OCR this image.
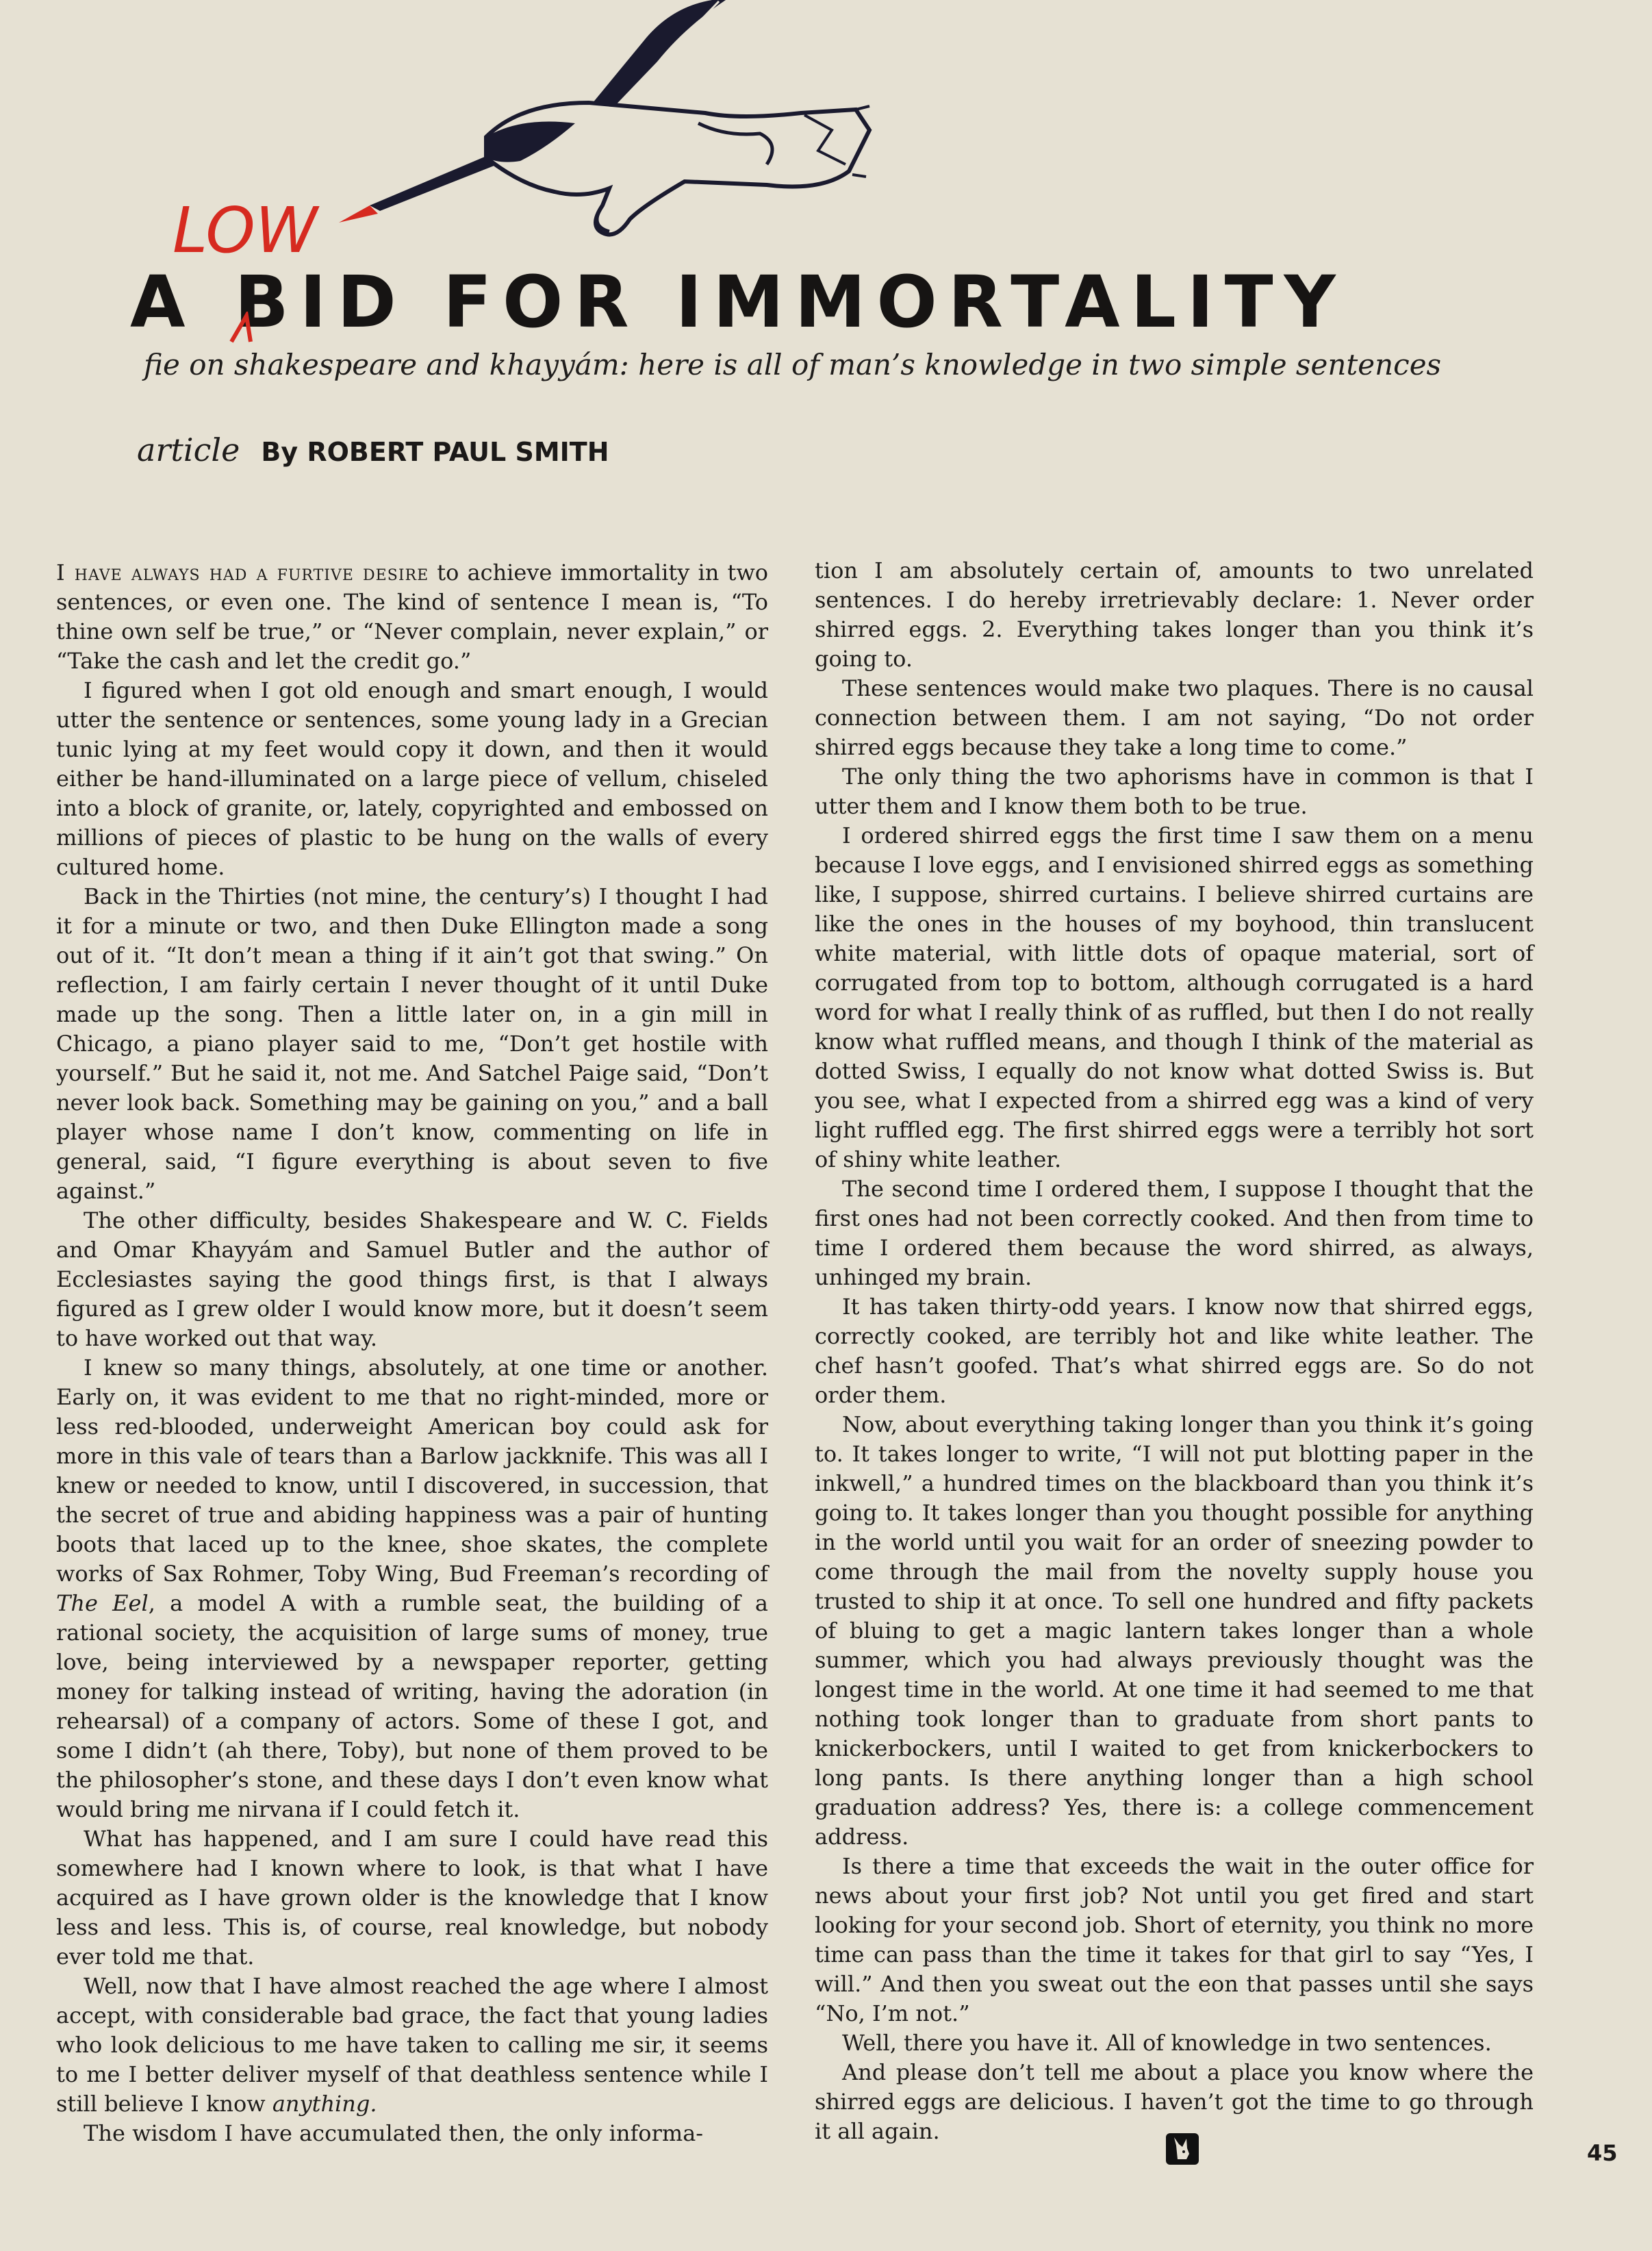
LOW
A BID FOR IMMORTALITY
fie on shakespeare and khayyám: here is all of man’s knowledge in two simple sentences
article By ROBERT PAUL SMITH

I have always had a furtive desire to achieve immortality in two sentences, or even one. The kind of sentence I mean is, “To thine own self be true,” or “Never complain, never explain,” or “Take the cash and let the credit go.”

I figured when I got old enough and smart enough, I would utter the sentence or sentences, some young lady in a Grecian tunic lying at my feet would copy it down, and then it would either be hand-illuminated on a large piece of vellum, chiseled into a block of granite, or, lately, copyrighted and embossed on millions of pieces of plastic to be hung on the walls of every cultured home.

Back in the Thirties (not mine, the century’s) I thought I had it for a minute or two, and then Duke Ellington made a song out of it. “It don’t mean a thing if it ain’t got that swing.” On reflection, I am fairly certain I never thought of it until Duke made up the song. Then a little later on, in a gin mill in Chicago, a piano player said to me, “Don’t get hostile with yourself.” But he said it, not me. And Satchel Paige said, “Don’t never look back. Something may be gaining on you,” and a ball player whose name I don’t know, commenting on life in general, said, “I figure everything is about seven to five against.”

The other difficulty, besides Shakespeare and W. C. Fields and Omar Khayyám and Samuel Butler and the author of Ecclesiastes saying the good things first, is that I always figured as I grew older I would know more, but it doesn’t seem to have worked out that way.

I knew so many things, absolutely, at one time or another. Early on, it was evident to me that no right-minded, more or less red-blooded, underweight American boy could ask for more in this vale of tears than a Barlow jackknife. This was all I knew or needed to know, until I discovered, in succession, that the secret of true and abiding happiness was a pair of hunting boots that laced up to the knee, shoe skates, the complete works of Sax Rohmer, Toby Wing, Bud Freeman’s recording of The Eel, a model A with a rumble seat, the building of a rational society, the acquisition of large sums of money, true love, being interviewed by a newspaper reporter, getting money for talking instead of writing, having the adoration (in rehearsal) of a company of actors. Some of these I got, and some I didn’t (ah there, Toby), but none of them proved to be the philosopher’s stone, and these days I don’t even know what would bring me nirvana if I could fetch it.

What has happened, and I am sure I could have read this somewhere had I known where to look, is that what I have acquired as I have grown older is the knowledge that I know less and less. This is, of course, real knowledge, but nobody ever told me that.

Well, now that I have almost reached the age where I almost accept, with considerable bad grace, the fact that young ladies who look delicious to me have taken to calling me sir, it seems to me I better deliver myself of that deathless sentence while I still believe I know anything.

The wisdom I have accumulated then, the only informa-

tion I am absolutely certain of, amounts to two unrelated sentences. I do hereby irretrievably declare: 1. Never order shirred eggs. 2. Everything takes longer than you think it’s going to.

These sentences would make two plaques. There is no causal connection between them. I am not saying, “Do not order shirred eggs because they take a long time to come.”

The only thing the two aphorisms have in common is that I utter them and I know them both to be true.

I ordered shirred eggs the first time I saw them on a menu because I love eggs, and I envisioned shirred eggs as something like, I suppose, shirred curtains. I believe shirred curtains are like the ones in the houses of my boyhood, thin translucent white material, with little dots of opaque material, sort of corrugated from top to bottom, although corrugated is a hard word for what I really think of as ruffled, but then I do not really know what ruffled means, and though I think of the material as dotted Swiss, I equally do not know what dotted Swiss is. But you see, what I expected from a shirred egg was a kind of very light ruffled egg. The first shirred eggs were a terribly hot sort of shiny white leather.

The second time I ordered them, I suppose I thought that the first ones had not been correctly cooked. And then from time to time I ordered them because the word shirred, as always, unhinged my brain.

It has taken thirty-odd years. I know now that shirred eggs, correctly cooked, are terribly hot and like white leather. The chef hasn’t goofed. That’s what shirred eggs are. So do not order them.

Now, about everything taking longer than you think it’s going to. It takes longer to write, “I will not put blotting paper in the inkwell,” a hundred times on the blackboard than you think it’s going to. It takes longer than you thought possible for anything in the world until you wait for an order of sneezing powder to come through the mail from the novelty supply house you trusted to ship it at once. To sell one hundred and fifty packets of bluing to get a magic lantern takes longer than a whole summer, which you had always previously thought was the longest time in the world. At one time it had seemed to me that nothing took longer than to graduate from short pants to knickerbockers, until I waited to get from knickerbockers to long pants. Is there anything longer than a high school graduation address? Yes, there is: a college commencement address.

Is there a time that exceeds the wait in the outer office for news about your first job? Not until you get fired and start looking for your second job. Short of eternity, you think no more time can pass than the time it takes for that girl to say “Yes, I will.” And then you sweat out the eon that passes until she says “No, I’m not.”

Well, there you have it. All of knowledge in two sentences.

And please don’t tell me about a place you know where the shirred eggs are delicious. I haven’t got the time to go through it all again.

45
